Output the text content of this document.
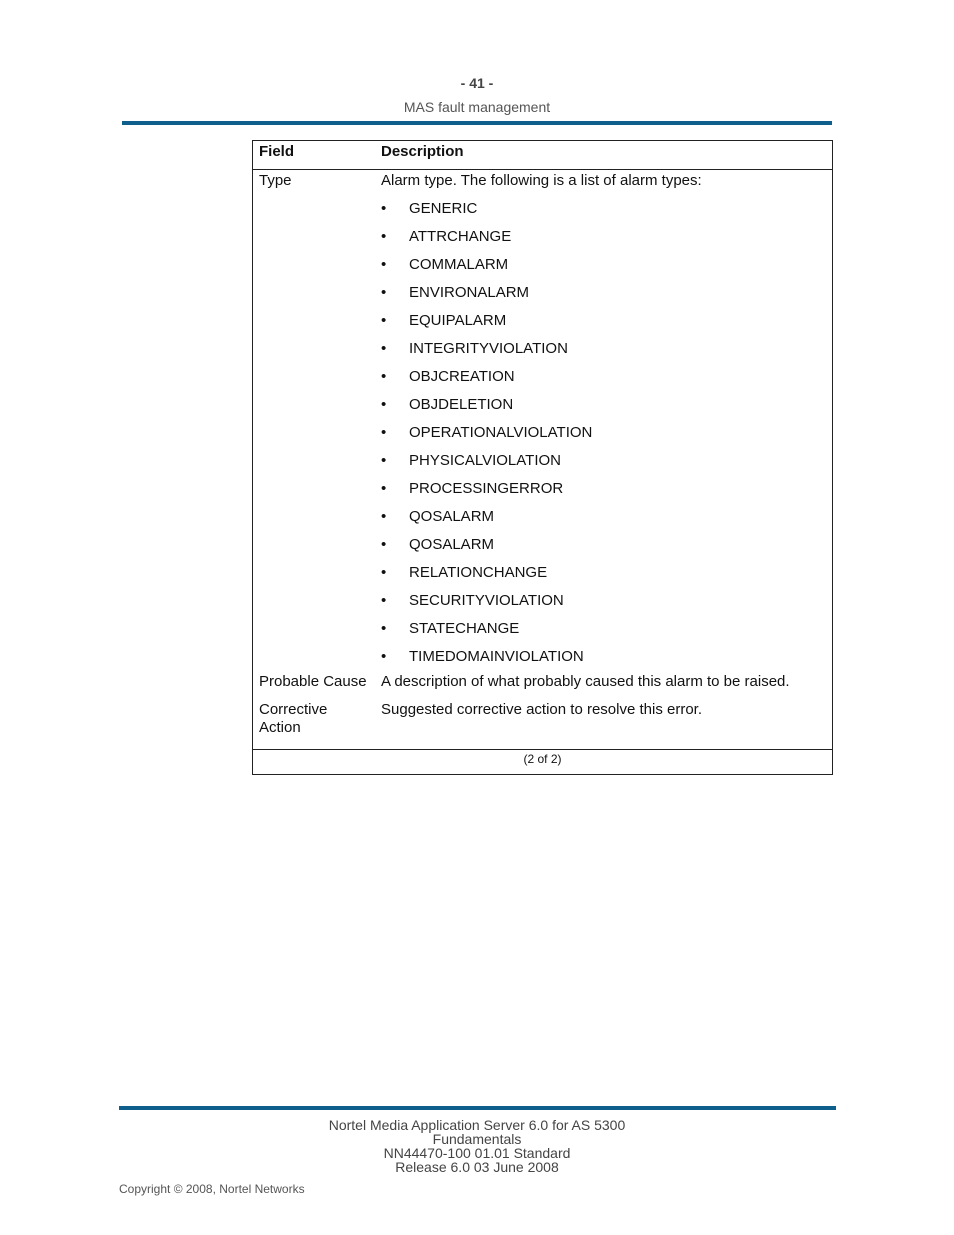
- 41 -
MAS fault management
Field	Description
Type	Alarm type. The following is a list of alarm types:
• GENERIC
• ATTRCHANGE
• COMMALARM
• ENVIRONALARM
• EQUIPALARM
• INTEGRITYVIOLATION
• OBJCREATION
• OBJDELETION
• OPERATIONALVIOLATION
• PHYSICALVIOLATION
• PROCESSINGERROR
• QOSALARM
• QOSALARM
• RELATIONCHANGE
• SECURITYVIOLATION
• STATECHANGE
• TIMEDOMAINVIOLATION
Probable Cause A description of what probably caused this alarm to be raised.
Corrective
Action
Suggested corrective action to resolve this error.
(2 of 2)
Nortel Media Application Server 6.0 for AS 5300
Fundamentals
NN44470-100 01.01 Standard
Release 6.0 03 June 2008
Copyright © 2008, Nortel Networks
